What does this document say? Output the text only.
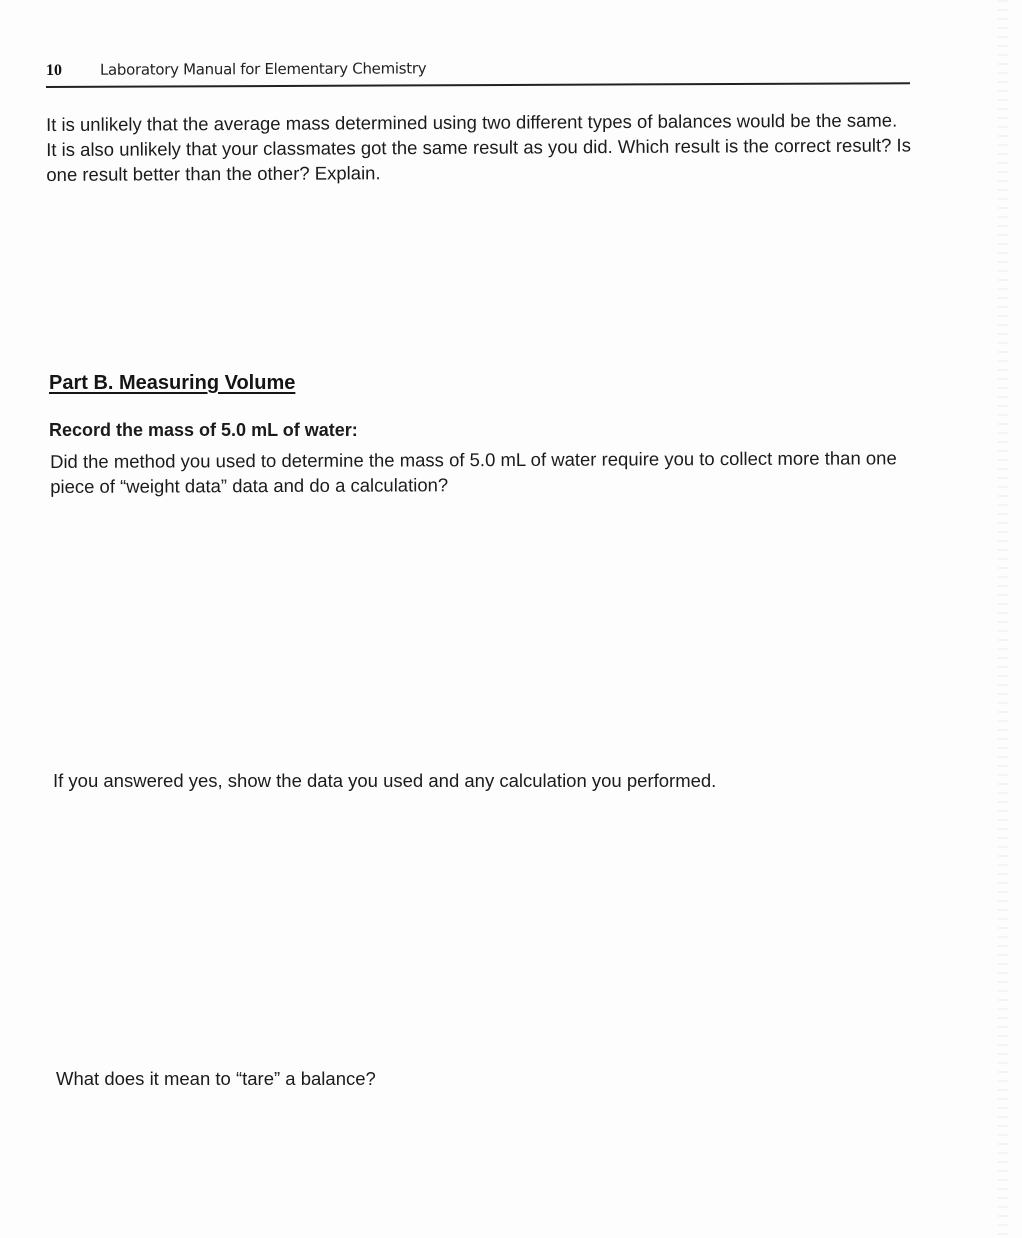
10	Laboratory Manual for Elementary Chemistry
It is unlikely that the average mass determined using two different types of balances would be the same. It is also unlikely that your classmates got the same result as you did. Which result is the correct result? Is one result better than the other? Explain.
Part B. Measuring Volume
Record the mass of 5.0 mL of water:
Did the method you used to determine the mass of 5.0 mL of water require you to collect more than one piece of “weight data” data and do a calculation?
If you answered yes, show the data you used and any calculation you performed.
What does it mean to “tare” a balance?
